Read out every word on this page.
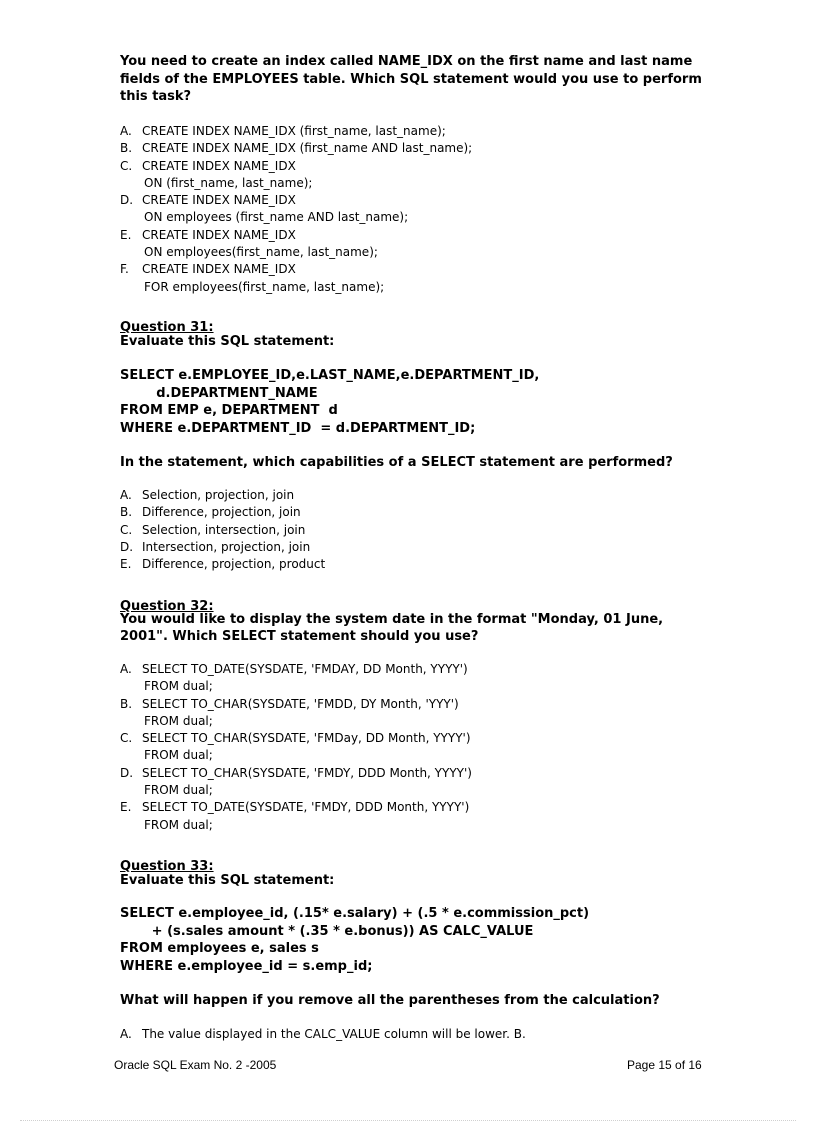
You need to create an index called NAME_IDX on the first name and last name fields of the EMPLOYEES table. Which SQL statement would you use to perform this task?
A. CREATE INDEX NAME_IDX (first_name, last_name);
B. CREATE INDEX NAME_IDX (first_name AND last_name);
C. CREATE INDEX NAME_IDX
ON (first_name, last_name);
D. CREATE INDEX NAME_IDX
ON employees (first_name AND last_name);
E. CREATE INDEX NAME_IDX
ON employees(first_name, last_name);
F.	CREATE INDEX NAME_IDX
FOR employees(first_name, last_name);
Question 31:
Evaluate this SQL statement:
SELECT e.EMPLOYEE_ID,e.LAST_NAME,e.DEPARTMENT_ID,
d.DEPARTMENT_NAME
FROM EMP e, DEPARTMENT  d
WHERE e.DEPARTMENT_ID  = d.DEPARTMENT_ID;
In the statement, which capabilities of a SELECT statement are performed?
A. Selection, projection, join
B. Difference, projection, join
C. Selection, intersection, join
D. Intersection, projection, join
E. Difference, projection, product
Question 32:
You would like to display the system date in the format "Monday, 01 June, 2001". Which SELECT statement should you use?
A. SELECT TO_DATE(SYSDATE, 'FMDAY, DD Month, YYYY')
FROM dual;
B. SELECT TO_CHAR(SYSDATE, 'FMDD, DY Month, 'YYY')
FROM dual;
C. SELECT TO_CHAR(SYSDATE, 'FMDay, DD Month, YYYY')
FROM dual;
D. SELECT TO_CHAR(SYSDATE, 'FMDY, DDD Month, YYYY')
FROM dual;
E. SELECT TO_DATE(SYSDATE, 'FMDY, DDD Month, YYYY')
FROM dual;
Question 33:
Evaluate this SQL statement:
SELECT e.employee_id, (.15* e.salary) + (.5 * e.commission_pct)
+ (s.sales amount * (.35 * e.bonus)) AS CALC_VALUE
FROM employees e, sales s
WHERE e.employee_id = s.emp_id;
What will happen if you remove all the parentheses from the calculation?
A. The value displayed in the CALC_VALUE column will be lower. B.
Oracle SQL Exam No. 2 -2005	Page 15 of 16
